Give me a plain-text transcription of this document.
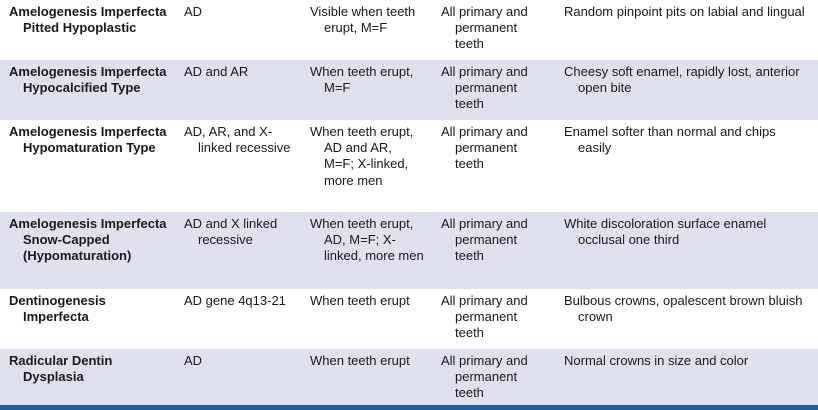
Amelogenesis Imperfecta Pitted Hypoplastic	AD	Visible when teeth erupt, M=F	All primary and permanent teeth	Random pinpoint pits on labial and lingual

Amelogenesis Imperfecta Hypocalcified Type	AD and AR	When teeth erupt, M=F	All primary and permanent teeth	Cheesy soft enamel, rapidly lost, anterior open bite

Amelogenesis Imperfecta Hypomaturation Type	AD, AR, and X-linked recessive	When teeth erupt, AD and AR, M=F; X-linked, more men	All primary and permanent teeth	Enamel softer than normal and chips easily

Amelogenesis Imperfecta Snow-Capped (Hypomaturation)	AD and X linked recessive	When teeth erupt, AD, M=F; X-linked, more men	All primary and permanent teeth	White discoloration surface enamel occlusal one third

Dentinogenesis Imperfecta	AD gene 4q13-21	When teeth erupt	All primary and permanent teeth	Bulbous crowns, opalescent brown bluish crown

Radicular Dentin Dysplasia	AD	When teeth erupt	All primary and permanent teeth	Normal crowns in size and color
